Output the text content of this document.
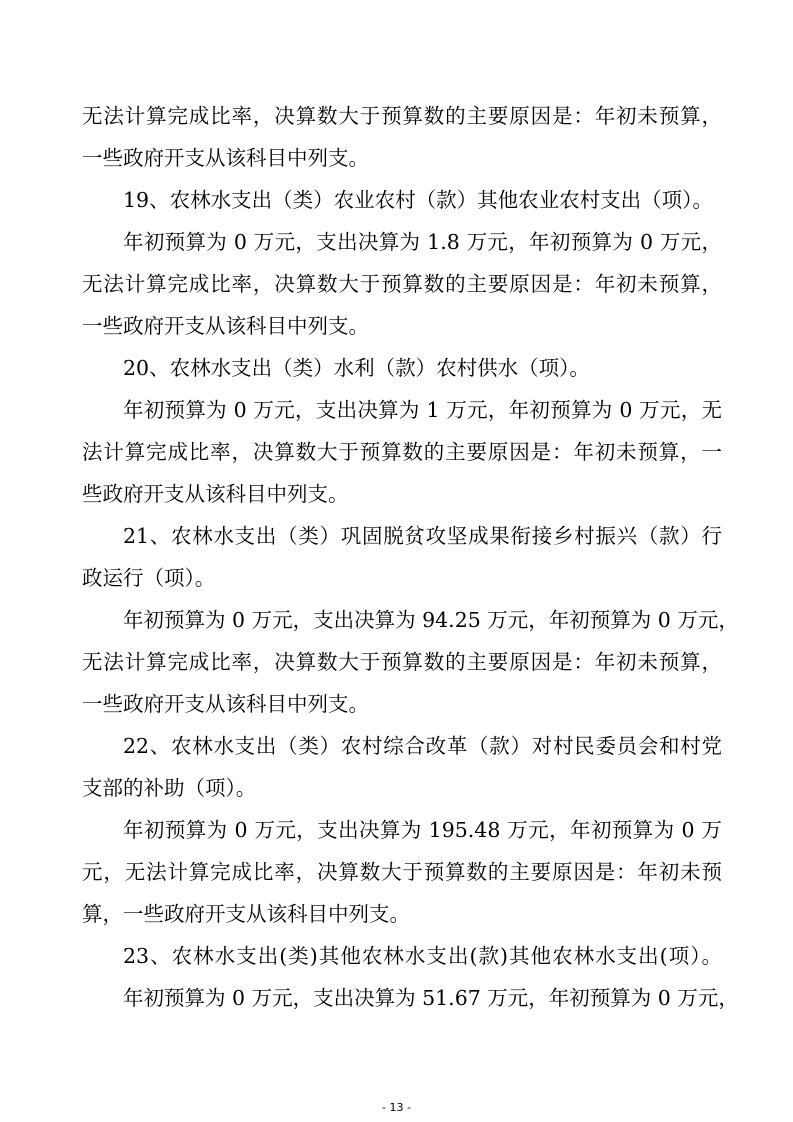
无法计算完成比率，决算数大于预算数的主要原因是：年初未预算，
一些政府开支从该科目中列支。
19、农林水支出（类）农业农村（款）其他农业农村支出（项）。
年初预算为 0 万元，支出决算为 1.8 万元，年初预算为 0 万元，
无法计算完成比率，决算数大于预算数的主要原因是：年初未预算，
一些政府开支从该科目中列支。
20、农林水支出（类）水利（款）农村供水（项）。
年初预算为 0 万元，支出决算为 1 万元，年初预算为 0 万元，无
法计算完成比率，决算数大于预算数的主要原因是：年初未预算，一
些政府开支从该科目中列支。
21、农林水支出（类）巩固脱贫攻坚成果衔接乡村振兴（款）行
政运行（项）。
年初预算为 0 万元，支出决算为 94.25 万元，年初预算为 0 万元，
无法计算完成比率，决算数大于预算数的主要原因是：年初未预算，
一些政府开支从该科目中列支。
22、农林水支出（类）农村综合改革（款）对村民委员会和村党
支部的补助（项）。
年初预算为 0 万元，支出决算为 195.48 万元，年初预算为 0 万
元，无法计算完成比率，决算数大于预算数的主要原因是：年初未预
算，一些政府开支从该科目中列支。
23、农林水支出(类)其他农林水支出(款)其他农林水支出(项）。
年初预算为 0 万元，支出决算为 51.67 万元，年初预算为 0 万元，
- 13 -
